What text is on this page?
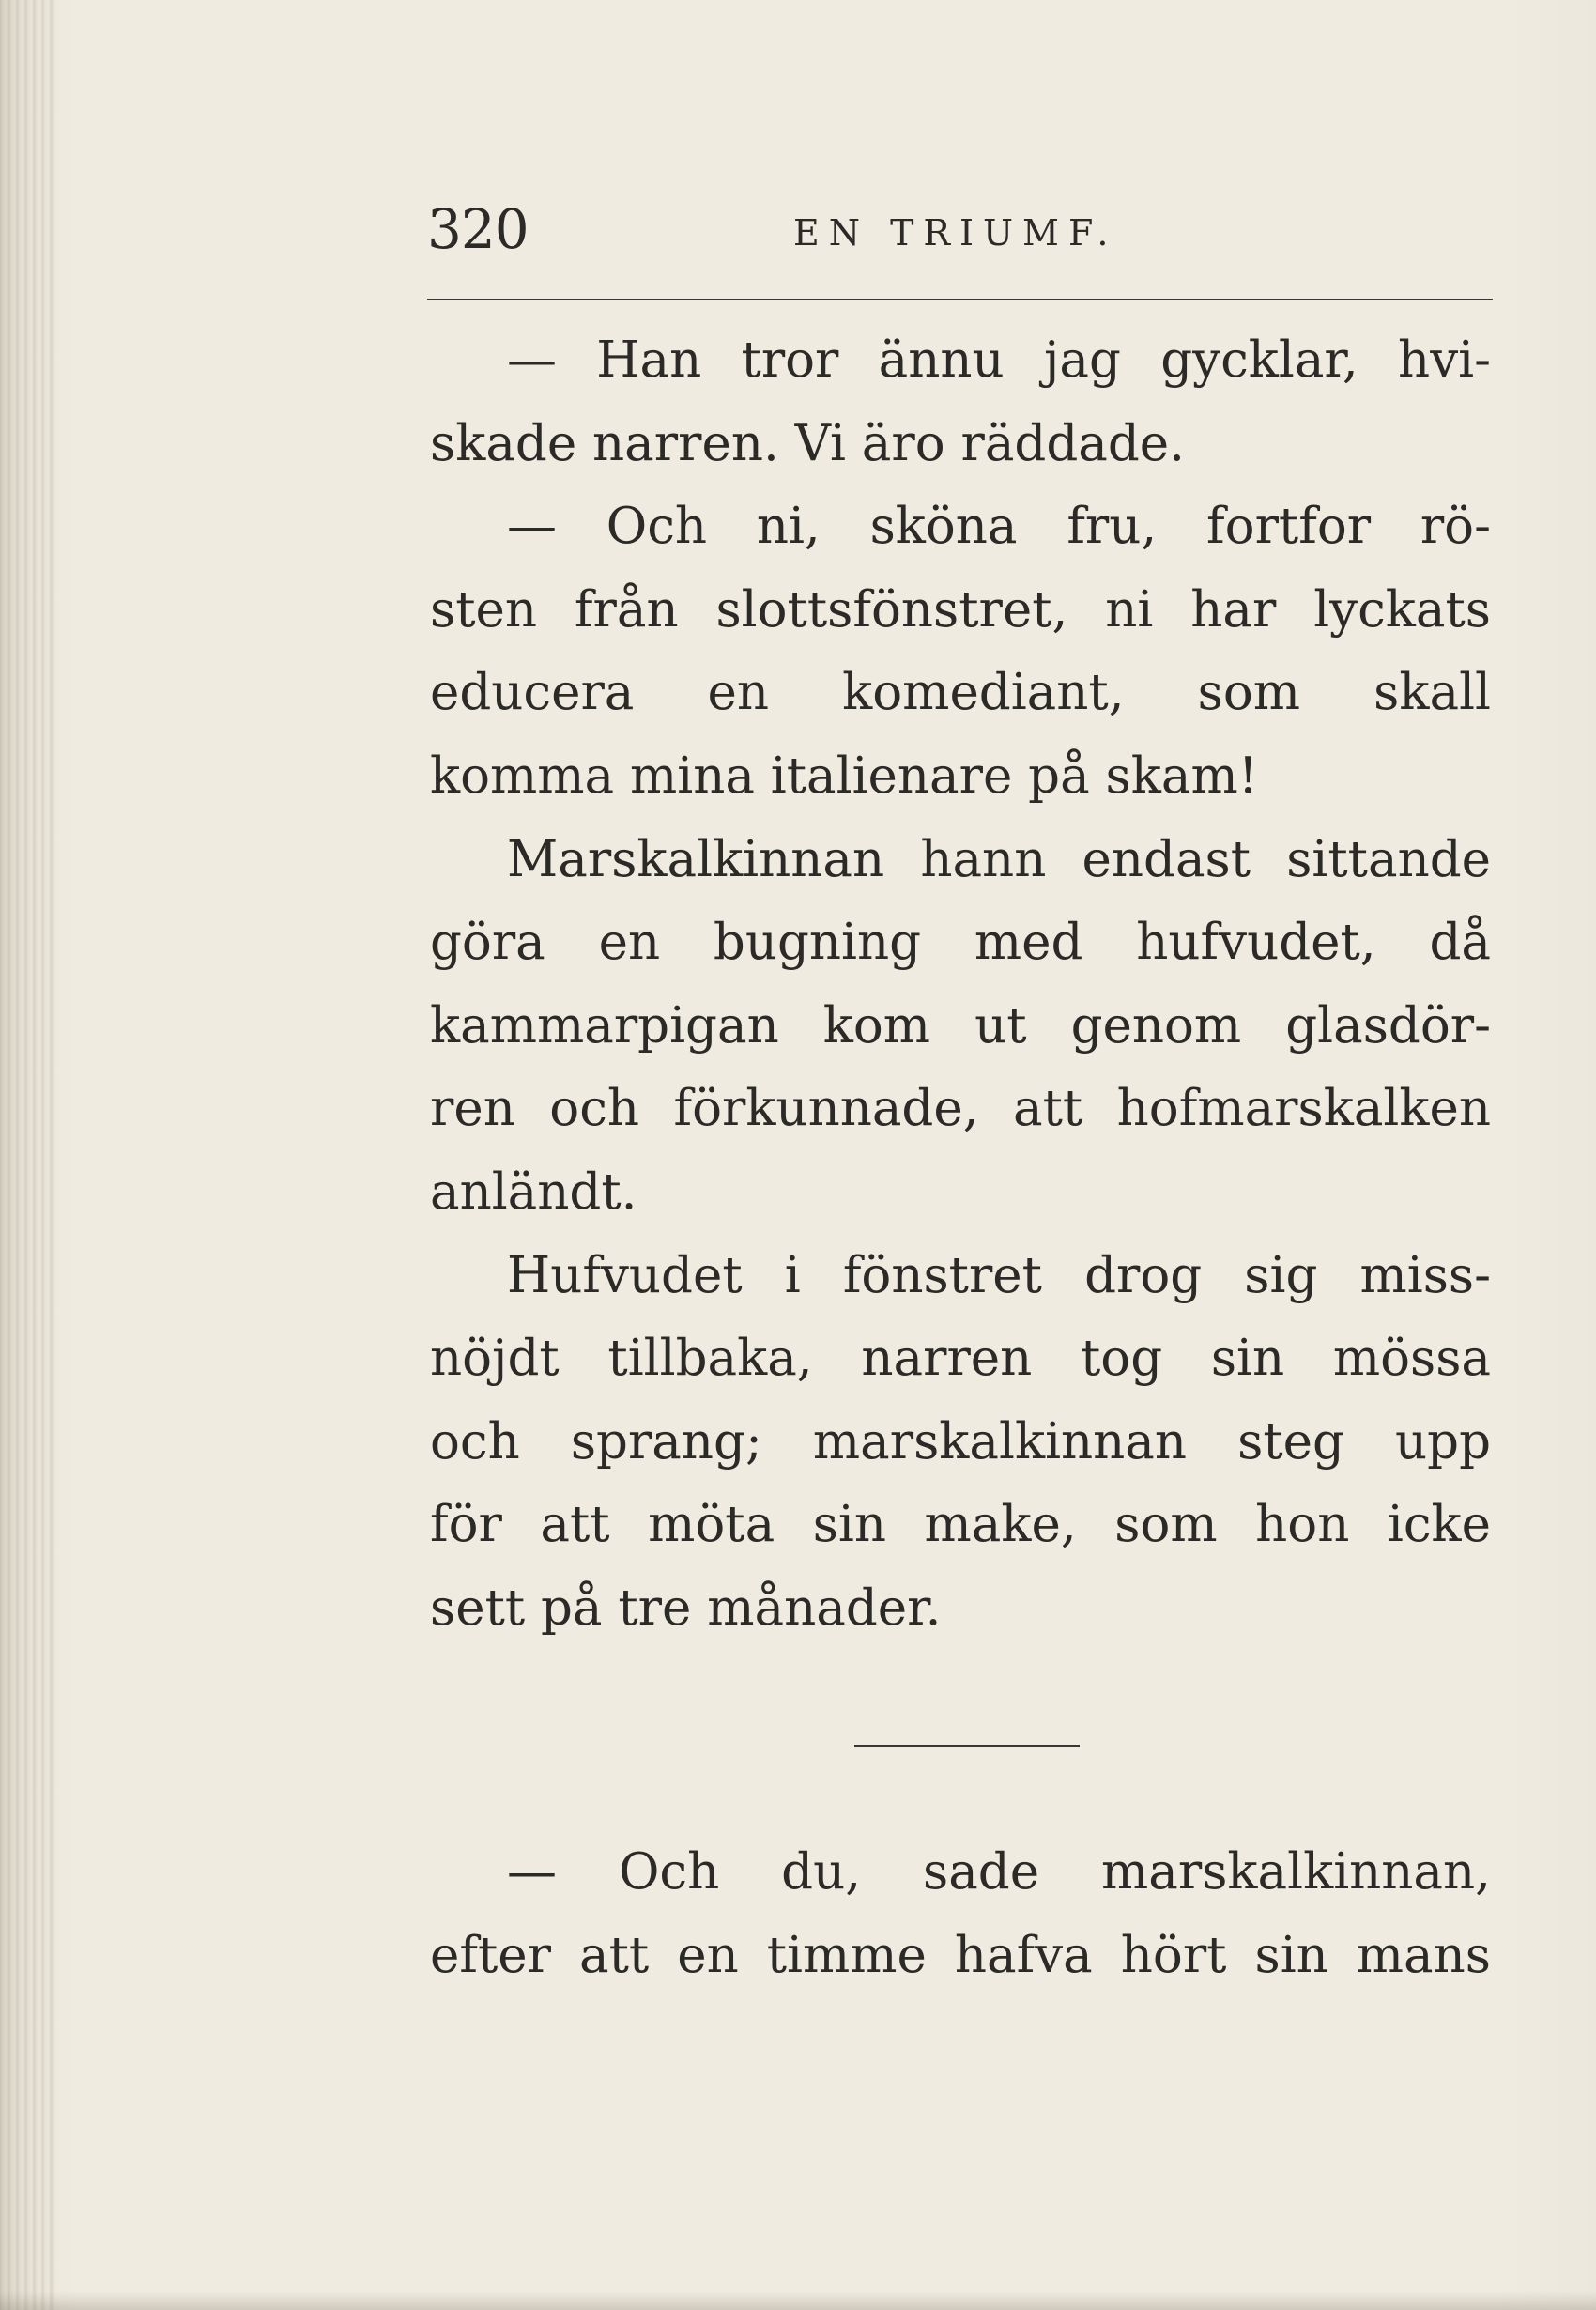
320	EN TRIUMF.
— Han tror ännu jag gycklar, hvi-
skade narren. Vi äro räddade.
— Och ni, sköna fru, fortfor rö-
sten från slottsfönstret, ni har lyckats
educera en komediant, som skall
komma mina italienare på skam!
Marskalkinnan hann endast sittande
göra en bugning med hufvudet, då
kammarpigan kom ut genom glasdör-
ren och förkunnade, att hofmarskalken
anländt.
Hufvudet i fönstret drog sig miss-
nöjdt tillbaka, narren tog sin mössa
och sprang; marskalkinnan steg upp
för att möta sin make, som hon icke
sett på tre månader.
— Och du, sade marskalkinnan,
efter att en timme hafva hört sin mans
